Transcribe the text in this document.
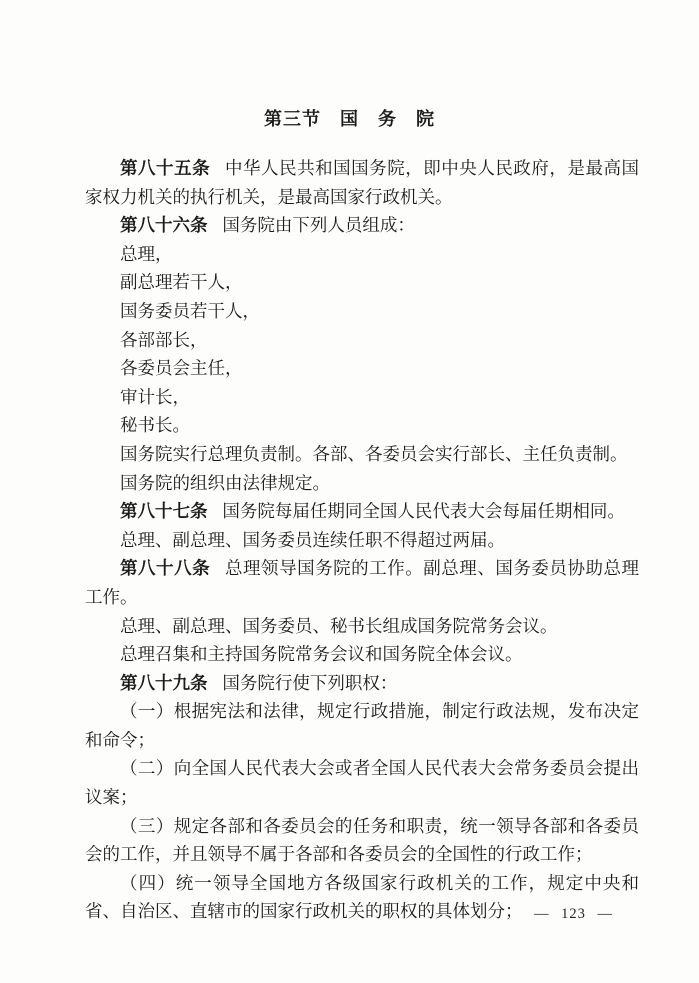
第三节　国　务　院

第八十五条 中华人民共和国国务院，即中央人民政府，是最高国家权力机关的执行机关，是最高国家行政机关。

第八十六条 国务院由下列人员组成：

总理，

副总理若干人，

国务委员若干人，

各部部长，

各委员会主任，

审计长，

秘书长。

国务院实行总理负责制。各部、各委员会实行部长、主任负责制。

国务院的组织由法律规定。

第八十七条 国务院每届任期同全国人民代表大会每届任期相同。

总理、副总理、国务委员连续任职不得超过两届。

第八十八条 总理领导国务院的工作。副总理、国务委员协助总理工作。

总理、副总理、国务委员、秘书长组成国务院常务会议。

总理召集和主持国务院常务会议和国务院全体会议。

第八十九条 国务院行使下列职权：

（一）根据宪法和法律，规定行政措施，制定行政法规，发布决定和命令；

（二）向全国人民代表大会或者全国人民代表大会常务委员会提出议案；

（三）规定各部和各委员会的任务和职责，统一领导各部和各委员会的工作，并且领导不属于各部和各委员会的全国性的行政工作；

（四）统一领导全国地方各级国家行政机关的工作，规定中央和省、自治区、直辖市的国家行政机关的职权的具体划分； — 123 —
